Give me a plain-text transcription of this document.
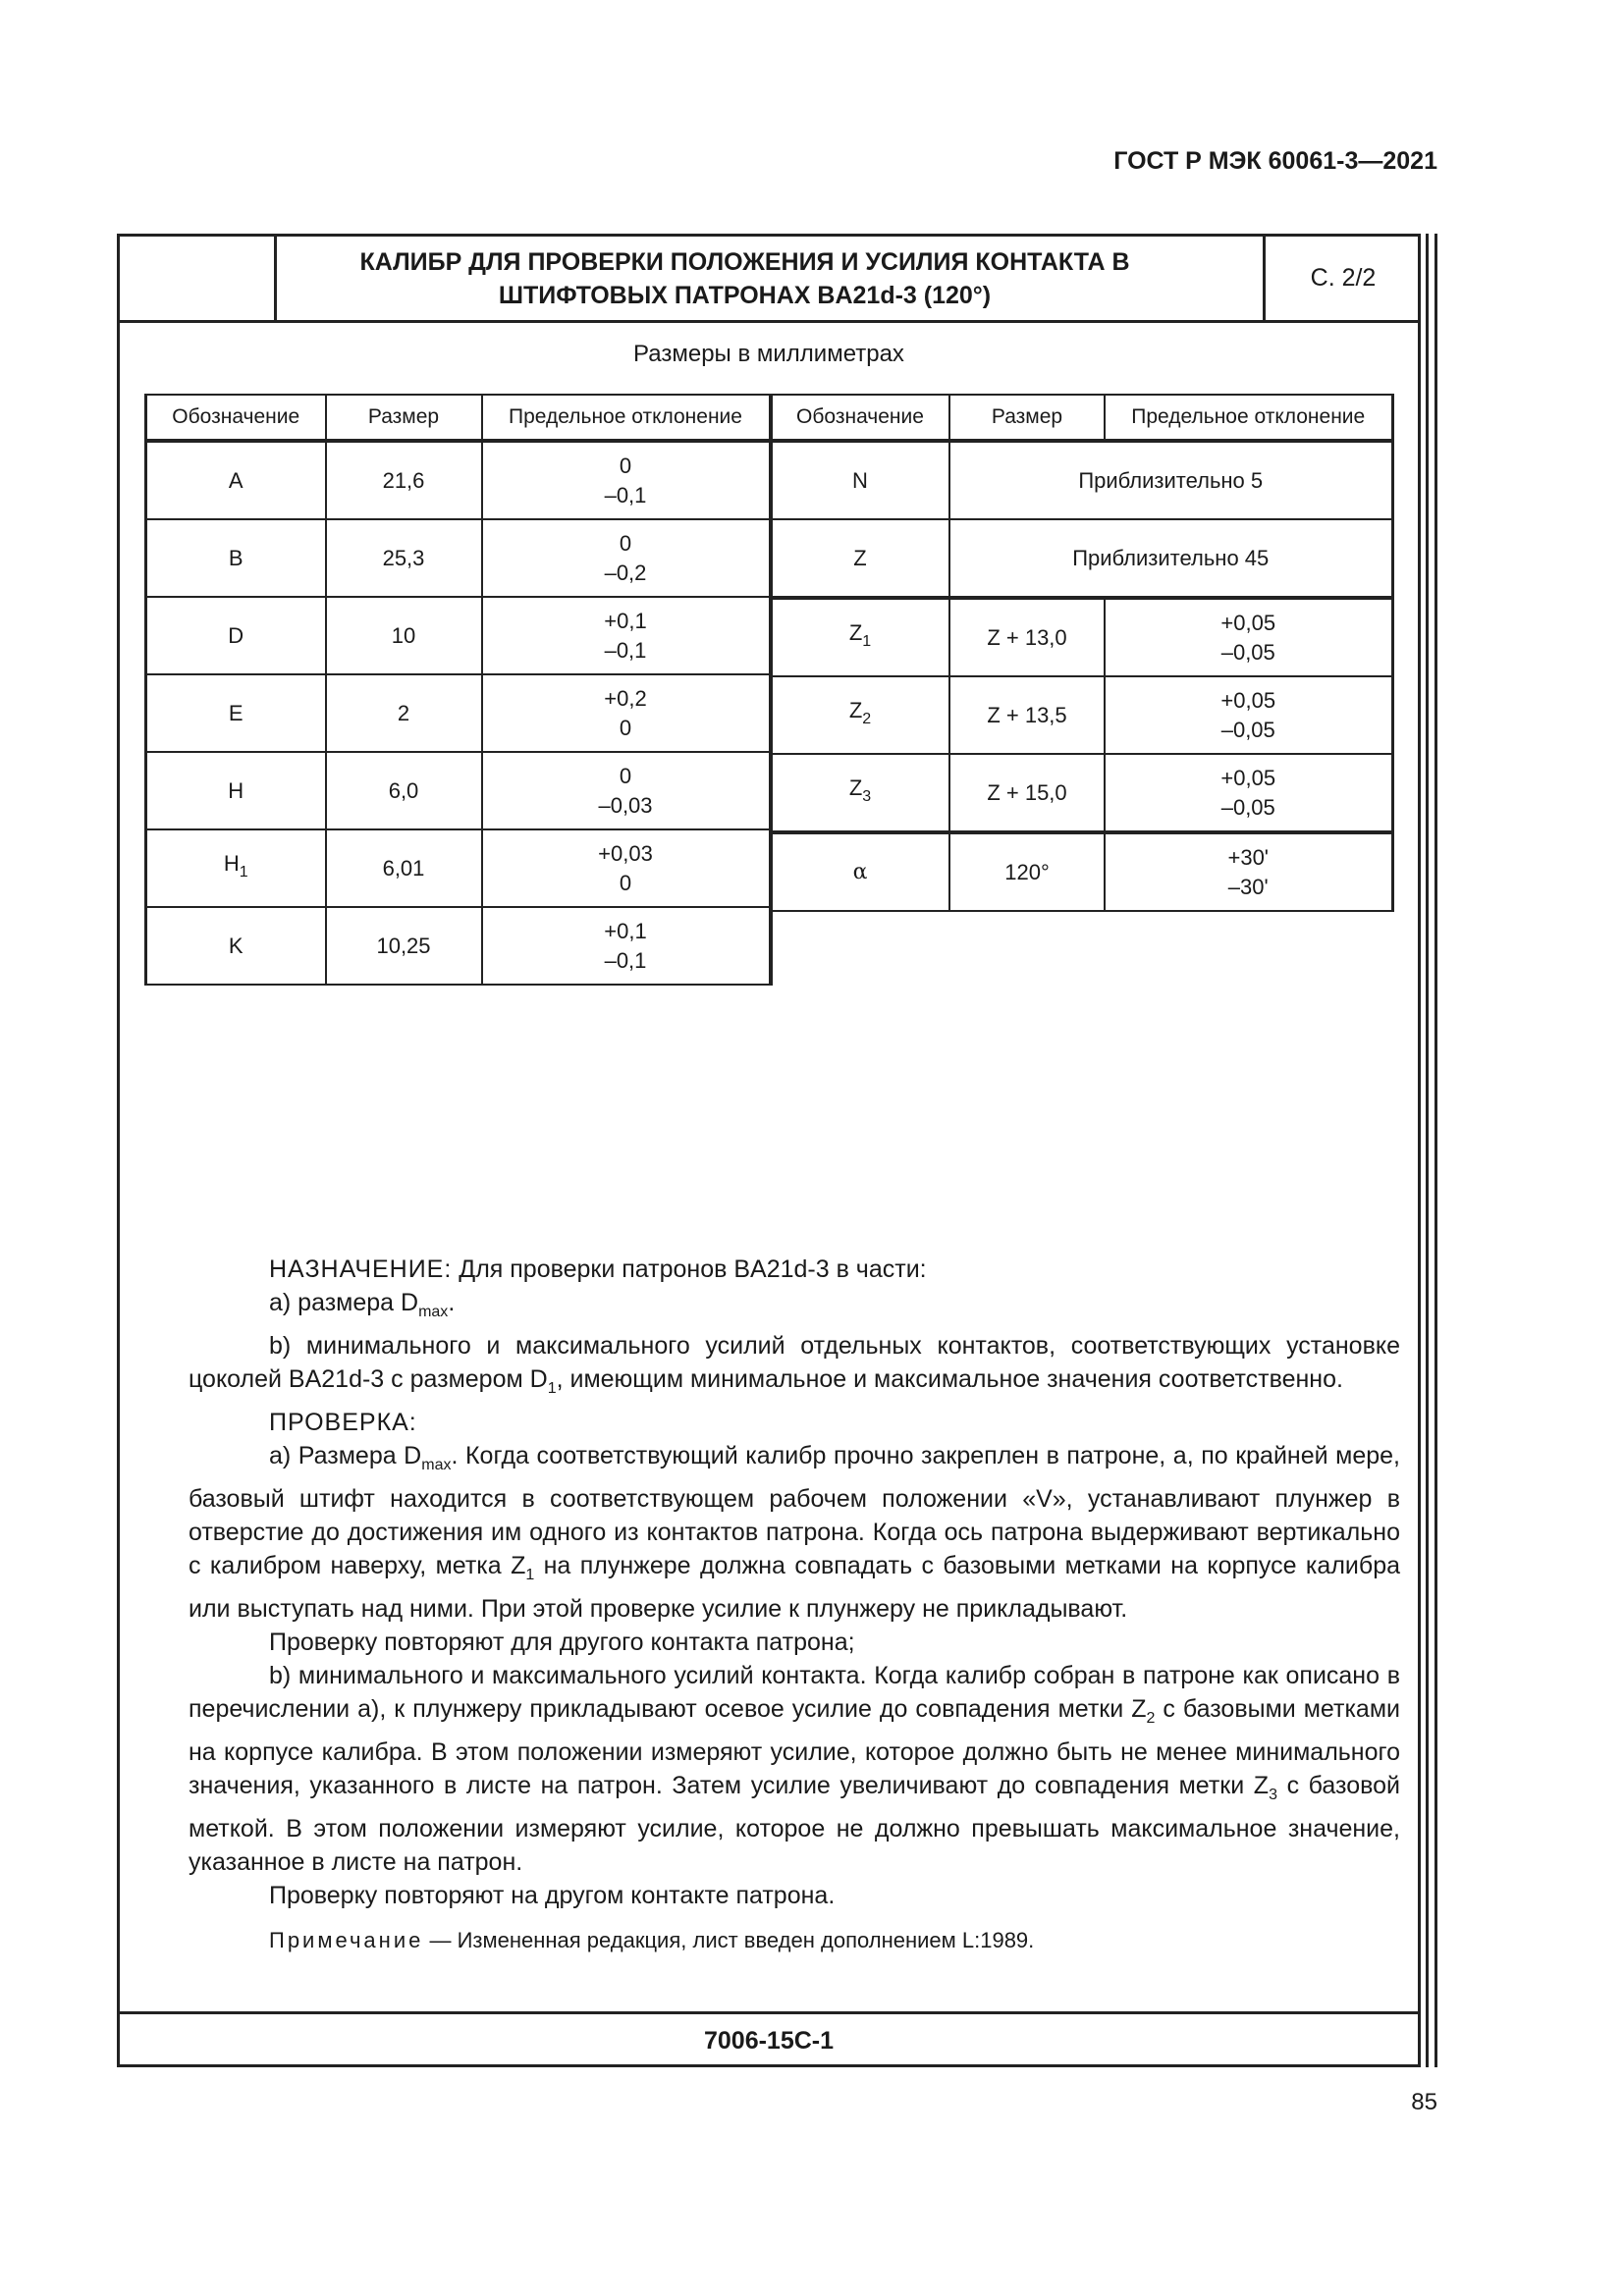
ГОСТ Р МЭК 60061-3—2021
КАЛИБР ДЛЯ ПРОВЕРКИ ПОЛОЖЕНИЯ И УСИЛИЯ КОНТАКТА В
ШТИФТОВЫХ ПАТРОНАХ BA21d-3 (120°)
С. 2/2
Размеры в миллиметрах
Обозначение	Размер	Предельное отклонение
A	21,6	0
–0,1

B	25,3	0
–0,2

D	10	+0,1
–0,1

E	2	+0,2
0

H	6,0	0
–0,03

$H_1$	6,01	+0,03
0

K	10,25	+0,1
–0,1
Обозначение	Размер	Предельное отклонение
N	Приблизительно 5	
Z	Приблизительно 45	
$Z_1$	Z + 13,0	+0,05
–0,05

$Z_2$	Z + 13,5	+0,05
–0,05

$Z_3$	Z + 15,0	+0,05
–0,05

α	120°	+30'
–30'

НАЗНАЧЕНИЕ: Для проверки патронов BA21d-3 в части:

а) размера $D_{max}$.

b) минимального и максимального усилий отдельных контактов, соответствующих установке цоколей BA21d-3 с размером $D_1$, имеющим минимальное и максимальное значения соответственно.

ПРОВЕРКА:

а) Размера $D_{max}$. Когда соответствующий калибр прочно закреплен в патроне, а, по крайней мере, базовый штифт находится в соответствующем рабочем положении «V», устанавливают плунжер в отверстие до достижения им одного из контактов патрона. Когда ось патрона выдерживают вертикально с калибром наверху, метка $Z_1$ на плунжере должна совпадать с базовыми метками на корпусе калибра или выступать над ними. При этой проверке усилие к плунжеру не прикладывают.

Проверку повторяют для другого контакта патрона;

b) минимального и максимального усилий контакта. Когда калибр собран в патроне как описано в перечислении а), к плунжеру прикладывают осевое усилие до совпадения метки $Z_2$ с базовыми метками на корпусе калибра. В этом положении измеряют усилие, которое должно быть не менее минимального значения, указанного в листе на патрон. Затем усилие увеличивают до совпадения метки $Z_3$ с базовой меткой. В этом положении измеряют усилие, которое не должно превышать максимальное значение, указанное в листе на патрон.

Проверку повторяют на другом контакте патрона.

Примечание — Измененная редакция, лист введен дополнением L:1989.

7006-15C-1
85
